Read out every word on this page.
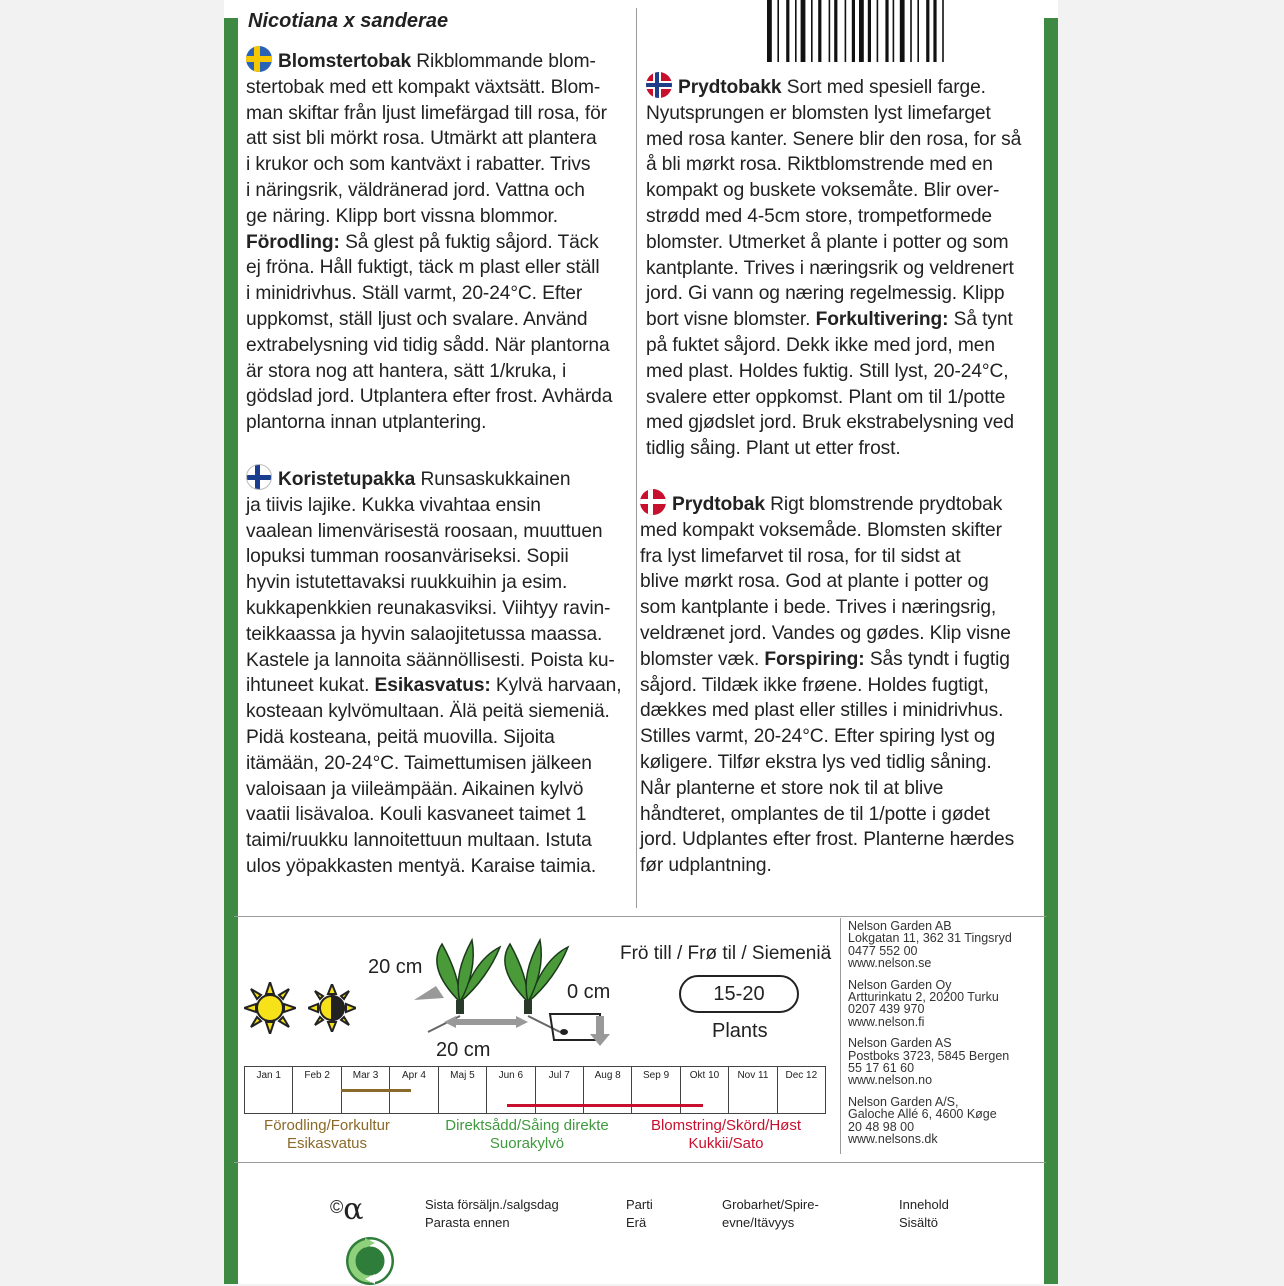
Nicotiana x sanderae

Blomstertobak Rikblommande blom-

stertobak med ett kompakt växtsätt. Blom-

man skiftar från ljust limefärgad till rosa, för

att sist bli mörkt rosa. Utmärkt att plantera

i krukor och som kantväxt i rabatter. Trivs

i näringsrik, väldränerad jord. Vattna och

ge näring. Klipp bort vissna blommor.

Förodling: Så glest på fuktig såjord. Täck

ej fröna. Håll fuktigt, täck m plast eller ställ

i minidrivhus. Ställ varmt, 20-24°C. Efter

uppkomst, ställ ljust och svalare. Använd

extrabelysning vid tidig sådd. När plantorna

är stora nog att hantera, sätt 1/kruka, i

gödslad jord. Utplantera efter frost. Avhärda

plantorna innan utplantering.

Koristetupakka Runsaskukkainen

ja tiivis lajike. Kukka vivahtaa ensin

vaalean limenvärisestä roosaan, muuttuen

lopuksi tumman roosanväriseksi. Sopii

hyvin istutettavaksi ruukkuihin ja esim.

kukkapenkkien reunakasviksi. Viihtyy ravin-

teikkaassa ja hyvin salaojitetussa maassa.

Kastele ja lannoita säännöllisesti. Poista ku-

ihtuneet kukat. Esikasvatus: Kylvä harvaan,

kosteaan kylvömultaan. Älä peitä siemeniä.

Pidä kosteana, peitä muovilla. Sijoita

itämään, 20-24°C. Taimettumisen jälkeen

valoisaan ja viileämpään. Aikainen kylvö

vaatii lisävaloa. Kouli kasvaneet taimet 1

taimi/ruukku lannoitettuun multaan. Istuta

ulos yöpakkasten mentyä. Karaise taimia.

Prydtobakk Sort med spesiell farge.

Nyutsprungen er blomsten lyst limefarget

med rosa kanter. Senere blir den rosa, for så

å bli mørkt rosa. Riktblomstrende med en

kompakt og buskete voksemåte. Blir over-

strødd med 4-5cm store, trompetformede

blomster. Utmerket å plante i potter og som

kantplante. Trives i næringsrik og veldrenert

jord. Gi vann og næring regelmessig. Klipp

bort visne blomster. Forkultivering: Så tynt

på fuktet såjord. Dekk ikke med jord, men

med plast. Holdes fuktig. Still lyst, 20-24°C,

svalere etter oppkomst. Plant om til 1/potte

med gjødslet jord. Bruk ekstrabelysning ved

tidlig såing. Plant ut etter frost.

Prydtobak Rigt blomstrende prydtobak

med kompakt voksemåde. Blomsten skifter

fra lyst limefarvet til rosa, for til sidst at

blive mørkt rosa. God at plante i potter og

som kantplante i bede. Trives i næringsrig,

veldrænet jord. Vandes og gødes. Klip visne

blomster væk. Forspiring: Sås tyndt i fugtig

såjord. Tildæk ikke frøene. Holdes fugtigt,

dækkes med plast eller stilles i minidrivhus.

Stilles varmt, 20-24°C. Efter spiring lyst og

køligere. Tilfør ekstra lys ved tidlig såning.

Når planterne et store nok til at blive

håndteret, omplantes de til 1/potte i gødet

jord. Udplantes efter frost. Planterne hærdes

før udplantning.

20 cm
20 cm
0 cm
Frö till / Frø til / Siemeniä
15-20
Plants
Jan 1	Feb 2	Mar 3	Apr 4	Maj 5	Jun 6	Jul 7	Aug 8	Sep 9	Okt 10	Nov 11	Dec 12
Förodling/Forkultur
Esikasvatus
Direktsådd/Såing direkte
Suorakylvö
Blomstring/Skörd/Høst
Kukkii/Sato

Nelson Garden AB
Lokgatan 11, 362 31 Tingsryd
0477 552 00
www.nelson.se

Nelson Garden Oy
Artturinkatu 2, 20200 Turku
0207 439 970
www.nelson.fi

Nelson Garden AS
Postboks 3723, 5845 Bergen
55 17 61 60
www.nelson.no

Nelson Garden A/S,
Galoche Allé 6, 4600 Køge
20 48 98 00
www.nelsons.dk

©α	Sista försäljn./salgsdag
Parasta ennen
Parti
Erä
Grobarhet/Spire-
evne/Itävyys
Innehold
Sisältö
